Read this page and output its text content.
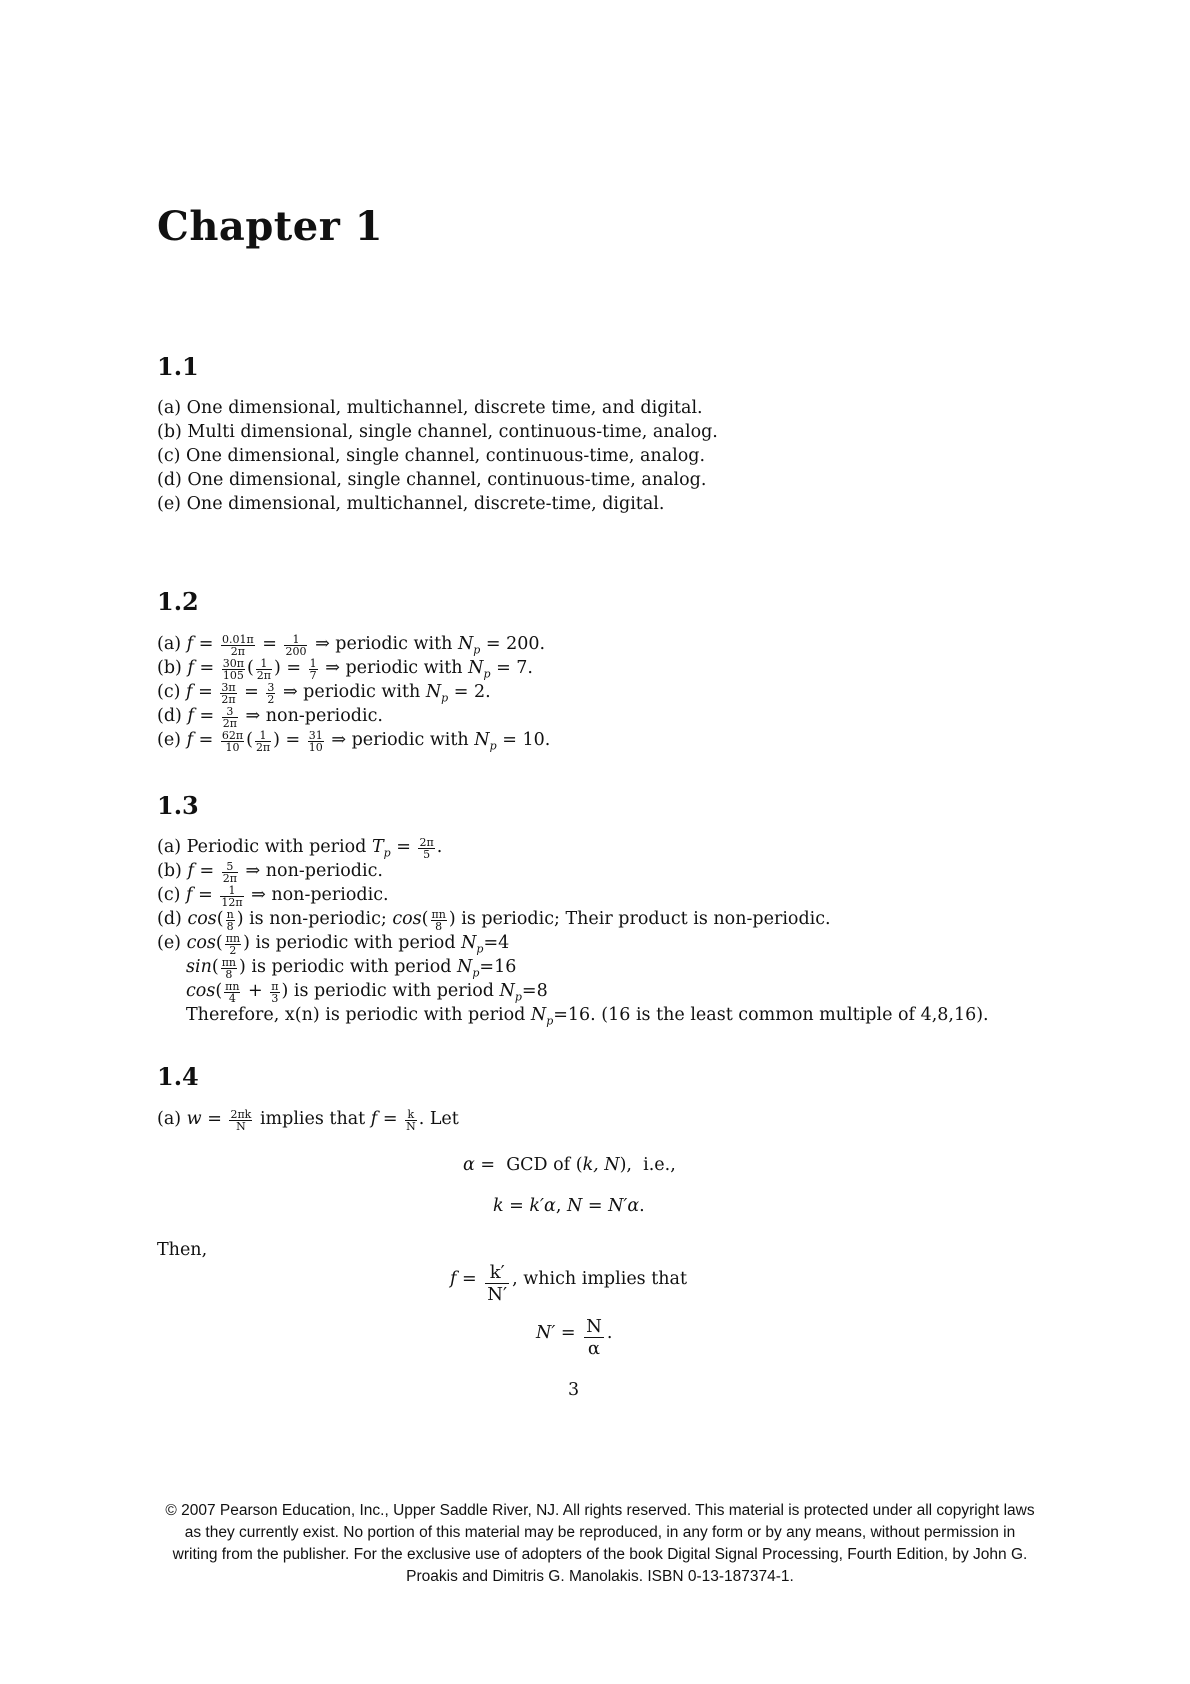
Chapter 1
1.1
(a) One dimensional, multichannel, discrete time, and digital.
(b) Multi dimensional, single channel, continuous-time, analog.
(c) One dimensional, single channel, continuous-time, analog.
(d) One dimensional, single channel, continuous-time, analog.
(e) One dimensional, multichannel, discrete-time, digital.
1.2
(a) $f = \frac{0.01\pi}{2\pi} = \frac{1}{200}$ ⇒ periodic with $N_p = 200$.
(b) $f = \frac{30\pi}{105}$ ( $\frac{1}{2\pi}$ ) = $\frac{1}{7}$ ⇒ periodic with $N_p = 7$.
(c) $f = \frac{3\pi}{2\pi} = \frac{3}{2}$ ⇒ periodic with $N_p = 2$.
(d) $f = \frac{3}{2\pi}$ ⇒ non-periodic.
(e) $f = \frac{62\pi}{10}$ ( $\frac{1}{2\pi}$ ) = $\frac{31}{10}$ ⇒ periodic with $N_p = 10$.
1.3
(a) Periodic with period $T_p = \frac{2\pi}{5}$ .
(b) $f = \frac{5}{2\pi}$ ⇒ non-periodic.
(c) $f = \frac{1}{12\pi}$ ⇒ non-periodic.
(d) $\cos( \frac{n}{8}$ ) is non-periodic; $\cos( \frac{\pi n}{8}$ ) is periodic; Their product is non-periodic.
(e) $\cos( \frac{\pi n}{2}$ ) is periodic with period $N_p=4$
$\sin( \frac{\pi n}{8}$ ) is periodic with period $N_p=16$
$\cos( \frac{\pi n}{4} + \frac{\pi}{3}$ ) is periodic with period $N_p=8$
Therefore, x(n) is periodic with period $N_p=16$. (16 is the least common multiple of 4,8,16).
1.4
(a) $w = \frac{2\pi k}{N}$ implies that $f = \frac{k}{N}$ . Let
α =  GCD of (k, N),  i.e.,
k = k′α, N = N′α.
Then,
$f = \frac{k'}{N'}$ , which implies that
$N' = \frac{N}{\alpha}$ .
3
© 2007 Pearson Education, Inc., Upper Saddle River, NJ. All rights reserved. This material is protected under all copyright laws
as they currently exist. No portion of this material may be reproduced, in any form or by any means, without permission in
writing from the publisher. For the exclusive use of adopters of the book Digital Signal Processing, Fourth Edition, by John G.
Proakis and Dimitris G. Manolakis. ISBN 0-13-187374-1.
